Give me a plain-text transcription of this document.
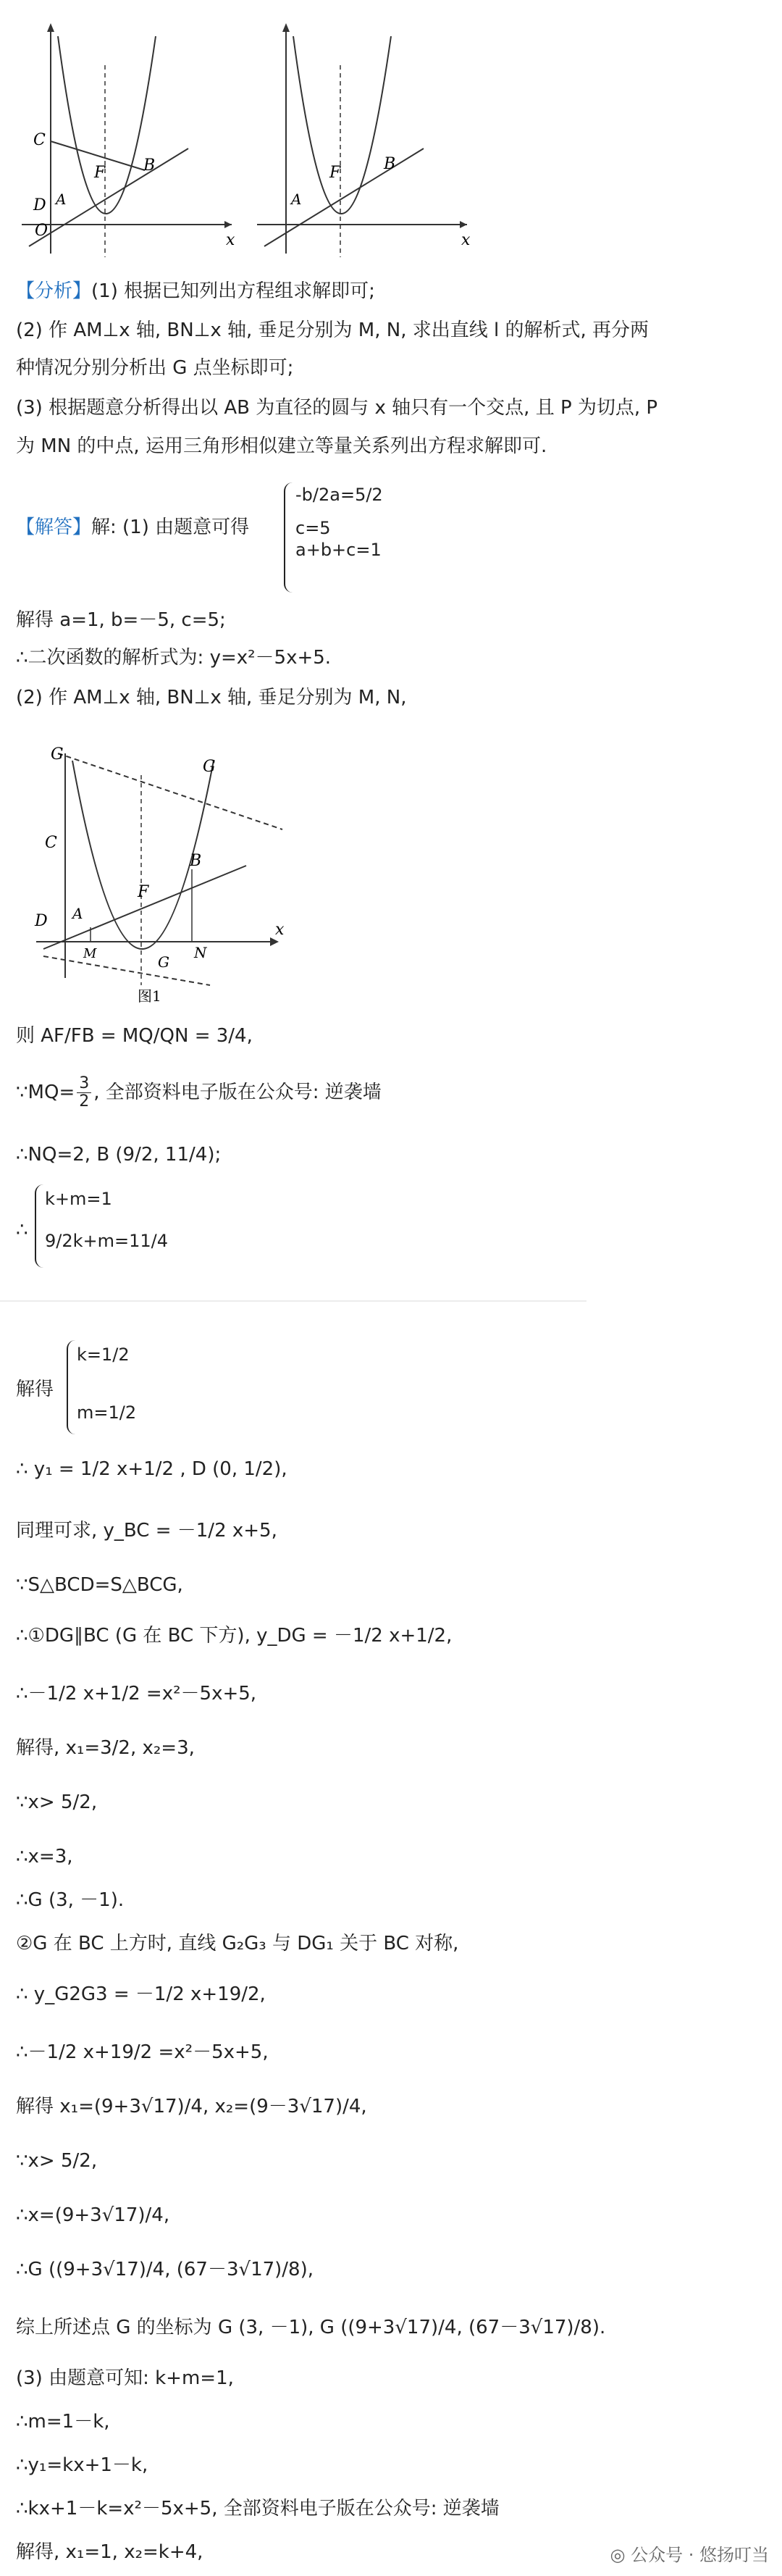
C
F B
D A
O
x
F	B
A
x
【分析】(1) 根据已知列出方程组求解即可;
(2) 作 AM⊥x 轴, BN⊥x 轴, 垂足分别为 M, N, 求出直线 l 的解析式, 再分两
种情况分别分析出 G 点坐标即可;
(3) 根据题意分析得出以 AB 为直径的圆与 x 轴只有一个交点, 且 P 为切点, P
为 MN 的中点, 运用三角形相似建立等量关系列出方程求解即可.
【解答】解: (1) 由题意可得
-b/2a=5/2
c=5
a+b+c=1
解得 a=1, b=－5, c=5;
∴二次函数的解析式为: y=x²－5x+5.
(2) 作 AM⊥x 轴, BN⊥x 轴, 垂足分别为 M, N,
G
G
C
D A
F
B
M	N
G
x
图1
则 AF/FB = MQ/QN = 3/4,
∵MQ= $\frac{3}{2}$ , 全部资料电子版在公众号: 逆袭墙
∴NQ=2, B (9/2, 11/4);
∴
k+m=1
9/2k+m=11/4
解得
k=1/2
m=1/2
∴ y₁ = 1/2 x+1/2 , D (0, 1/2),
同理可求, y_BC = －1/2 x+5,
∵S△BCD=S△BCG,
∴①DG∥BC (G 在 BC 下方), y_DG = －1/2 x+1/2,
∴－1/2 x+1/2 =x²－5x+5,
解得, x₁=3/2, x₂=3,
∵x> 5/2,
∴x=3,
∴G (3, －1).
②G 在 BC 上方时, 直线 G₂G₃ 与 DG₁ 关于 BC 对称,
∴ y_G2G3 = －1/2 x+19/2,
∴－1/2 x+19/2 =x²－5x+5,
解得 x₁=(9+3√17)/4, x₂=(9－3√17)/4,
∵x> 5/2,
∴x=(9+3√17)/4,
∴G ((9+3√17)/4, (67－3√17)/8),
综上所述点 G 的坐标为 G (3, －1), G ((9+3√17)/4, (67－3√17)/8).
(3) 由题意可知: k+m=1,
∴m=1－k,
∴y₁=kx+1－k,
∴kx+1－k=x²－5x+5, 全部资料电子版在公众号: 逆袭墙
解得, x₁=1, x₂=k+4,	◎ 公众号 · 悠扬叮当
